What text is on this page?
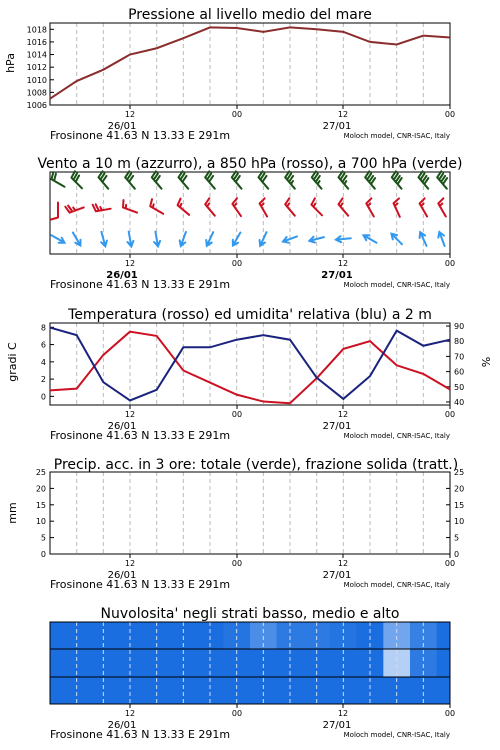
Pressione al livello medio del mare
hPa
1006
1008
1010
1012
1014
1016
1018
Vento a 10 m (azzurro), a 850 hPa (rosso), a 700 hPa (verde)
Temperatura (rosso) ed umidita' relativa (blu) a 2 m
gradi C	%
0
2
4
6
8
40
50
60
70
80
90
Precip. acc. in 3 ore: totale (verde), frazione solida (tratt.)
mm
0
5
10
15
20
25
0
5
10
15
20
25
Nuvolosita' negli strati basso, medio e alto
12	00	12	00
26/01	27/01
Frosinone 41.63 N 13.33 E 291m	Moloch model, CNR-ISAC, Italy
12	00	12	00
26/01	27/01
Frosinone 41.63 N 13.33 E 291m	Moloch model, CNR-ISAC, Italy
12	00	12	00
26/01	27/01
Frosinone 41.63 N 13.33 E 291m	Moloch model, CNR-ISAC, Italy
12	00	12	00
26/01	27/01
Frosinone 41.63 N 13.33 E 291m	Moloch model, CNR-ISAC, Italy
12	00	12	00
26/01	27/01
Frosinone 41.63 N 13.33 E 291m	Moloch model, CNR-ISAC, Italy
